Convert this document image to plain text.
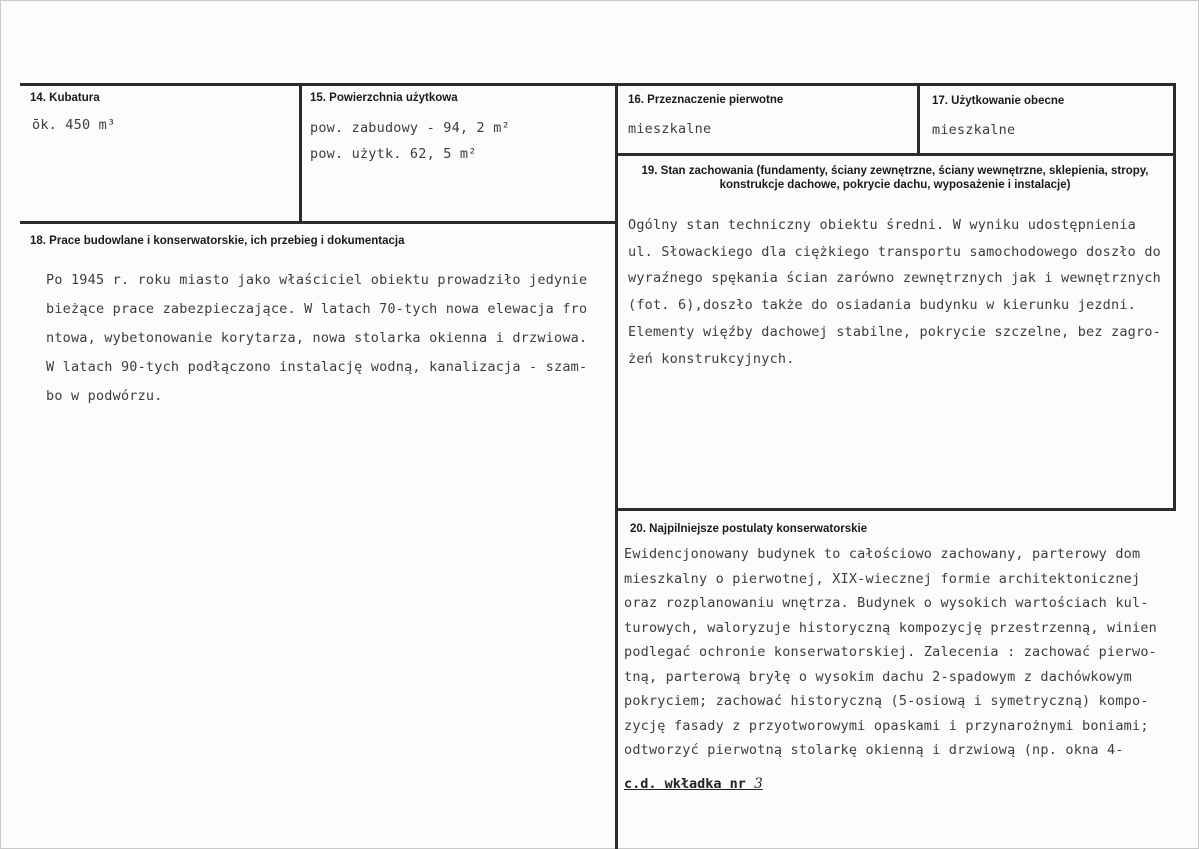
14. Kubatura
ōk. 450 m³
15. Powierzchnia użytkowa

pow. zabudowy - 94, 2 m²

pow. użytk. 62, 5 m²

16. Przeznaczenie pierwotne
mieszkalne
17. Użytkowanie obecne
mieszkalne
19. Stan zachowania (fundamenty, ściany zewnętrzne, ściany wewnętrzne, sklepienia, stropy, konstrukcje dachowe, pokrycie dachu, wyposażenie i instalacje)

Ogólny stan techniczny obiektu średni. W wyniku udostępnienia

ul. Słowackiego dla ciężkiego transportu samochodowego doszło do

wyraźnego spękania ścian zarówno zewnętrznych jak i wewnętrznych

(fot. 6),doszło także do osiadania budynku w kierunku jezdni.

Elementy więźby dachowej stabilne, pokrycie szczelne, bez zagro-

żeń konstrukcyjnych.

18. Prace budowlane i konserwatorskie, ich przebieg i dokumentacja

Po 1945 r. roku miasto jako właściciel obiektu prowadziło jedynie

bieżące prace zabezpieczające. W latach 70-tych nowa elewacja fro

ntowa, wybetonowanie korytarza, nowa stolarka okienna i drzwiowa.

W latach 90-tych podłączono instalację wodną, kanalizacja - szam-

bo w podwórzu.

20. Najpilniejsze postulaty konserwatorskie

Ewidencjonowany budynek to całościowo zachowany, parterowy dom

mieszkalny o pierwotnej, XIX-wiecznej formie architektonicznej

oraz rozplanowaniu wnętrza. Budynek o wysokich wartościach kul-

turowych, waloryzuje historyczną kompozycję przestrzenną, winien

podlegać ochronie konserwatorskiej. Zalecenia : zachować pierwo-

tną, parterową bryłę o wysokim dachu 2-spadowym z dachówkowym

pokryciem; zachować historyczną (5-osiową i symetryczną) kompo-

zycję fasady z przyotworowymi opaskami i przynarożnymi boniami;

odtworzyć pierwotną stolarkę okienną i drzwiową (np. okna 4-

c.d. wkładka nr 3
